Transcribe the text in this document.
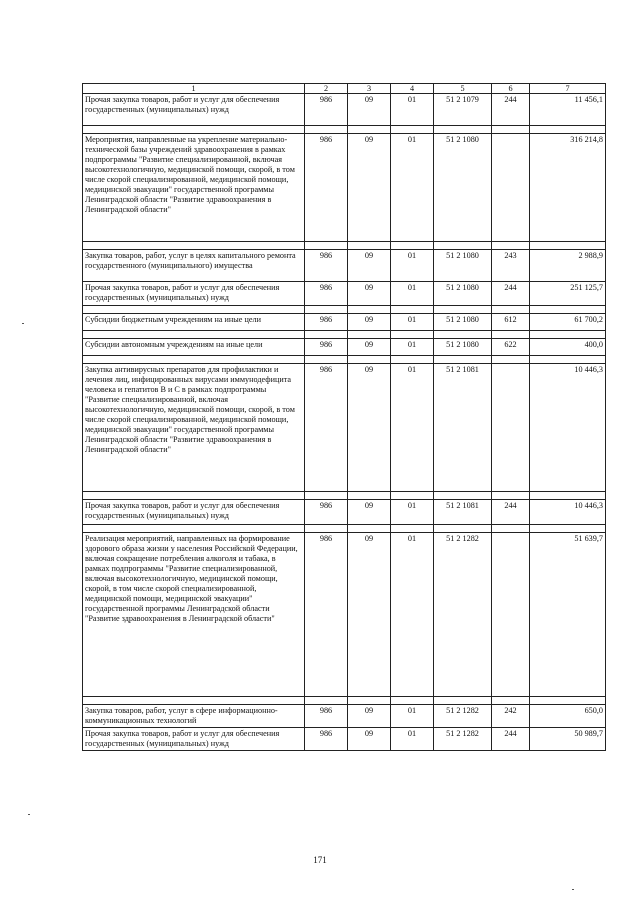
1	2	3	4	5	6	7
Прочая закупка товаров, работ и услуг для обеспечения государственных (муниципальных) нужд	986	09	01	51 2 1079	244	11 456,1

Мероприятия, направленные на укрепление материально-технической базы учреждений здравоохранения в рамках подпрограммы "Развитие специализированной, включая высокотехнологичную, медицинской помощи, скорой, в том числе скорой специализированной, медицинской помощи, медицинской эвакуации" государственной программы Ленинградской области "Развитие здравоохранения в Ленинградской области"	986	09	01	51 2 1080		316 214,8

Закупка товаров, работ, услуг в целях капитального ремонта государственного (муниципального) имущества	986	09	01	51 2 1080	243	2 988,9
Прочая закупка товаров, работ и услуг для обеспечения государственных (муниципальных) нужд	986	09	01	51 2 1080	244	251 125,7

Субсидии бюджетным учреждениям на иные цели	986	09	01	51 2 1080	612	61 700,2

Субсидии автономным учреждениям на иные цели	986	09	01	51 2 1080	622	400,0

Закупка антивирусных препаратов для профилактики и лечения лиц, инфицированных вирусами иммунодефицита человека и гепатитов В и С в рамках подпрограммы "Развитие специализированной, включая высокотехнологичную, медицинской помощи, скорой, в том числе скорой специализированной, медицинской помощи, медицинской эвакуации" государственной программы Ленинградской области "Развитие здравоохранения в Ленинградской области"	986	09	01	51 2 1081		10 446,3

Прочая закупка товаров, работ и услуг для обеспечения государственных (муниципальных) нужд	986	09	01	51 2 1081	244	10 446,3

Реализация мероприятий, направленных на формирование здорового образа жизни у населения Российской Федерации, включая сокращение потребления алкоголя и табака, в рамках подпрограммы "Развитие специализированной, включая высокотехнологичную, медицинской помощи, скорой, в том числе скорой специализированной, медицинской помощи, медицинской эвакуации" государственной программы Ленинградской области "Развитие здравоохранения в Ленинградской области"	986	09	01	51 2 1282		51 639,7

Закупка товаров, работ, услуг в сфере информационно-коммуникационных технологий	986	09	01	51 2 1282	242	650,0
Прочая закупка товаров, работ и услуг для обеспечения государственных (муниципальных) нужд	986	09	01	51 2 1282	244	50 989,7
171
